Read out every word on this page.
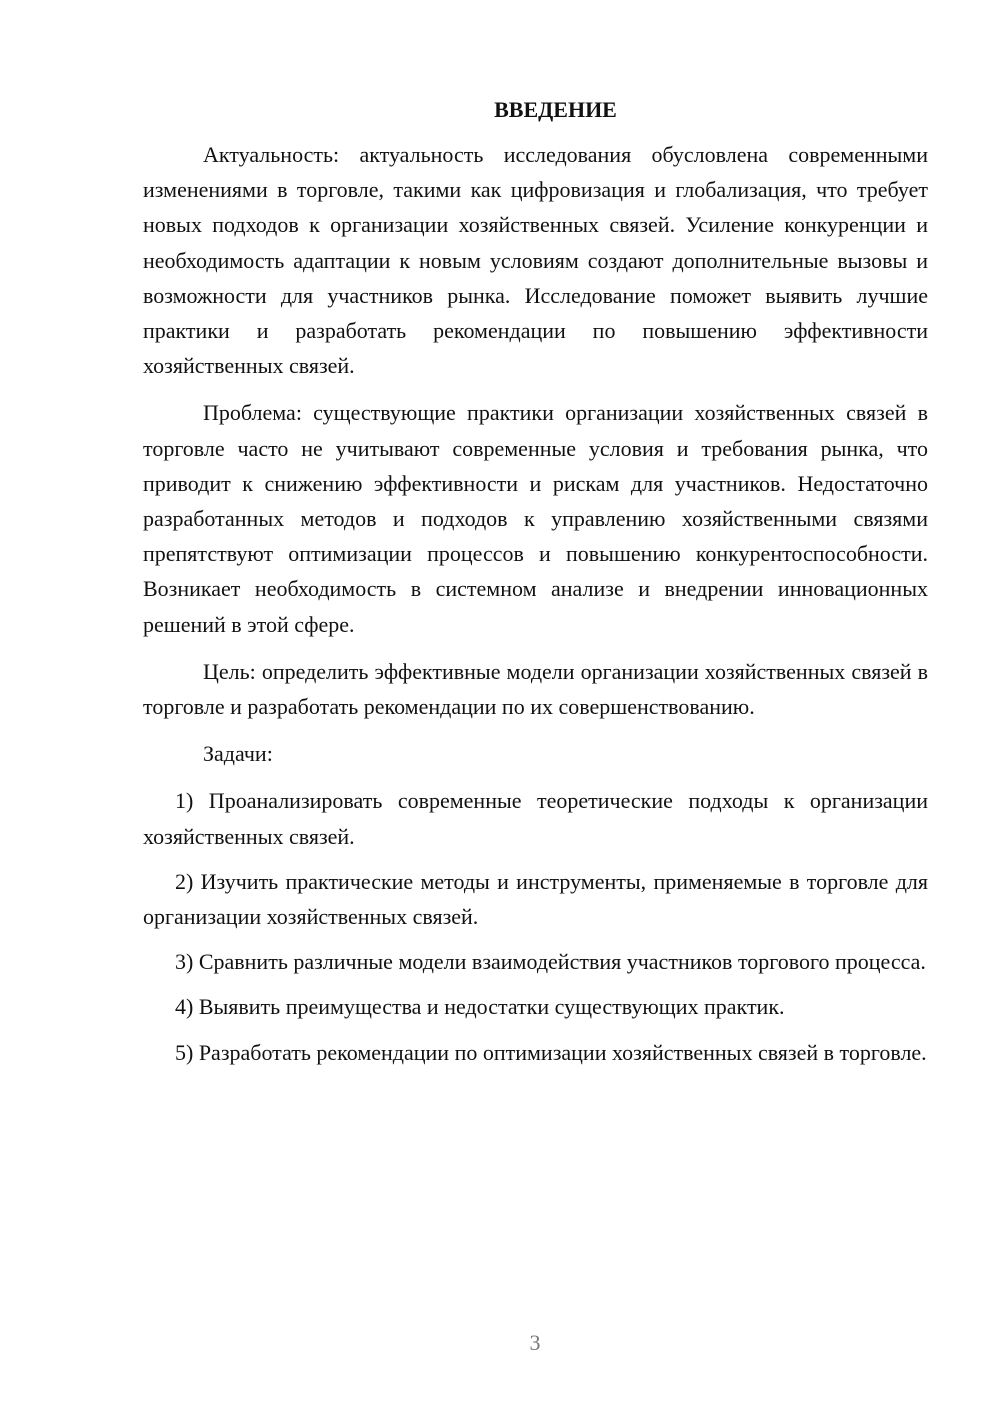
ВВЕДЕНИЕ

Актуальность: актуальность исследования обусловлена современными изменениями в торговле, такими как цифровизация и глобализация, что требует новых подходов к организации хозяйственных связей. Усиление конкуренции и необходимость адаптации к новым условиям создают дополнительные вызовы и возможности для участников рынка. Исследование поможет выявить лучшие практики и разработать рекомендации по повышению эффективности хозяйственных связей.

Проблема: существующие практики организации хозяйственных связей в торговле часто не учитывают современные условия и требования рынка, что приводит к снижению эффективности и рискам для участников. Недостаточно разработанных методов и подходов к управлению хозяйственными связями препятствуют оптимизации процессов и повышению конкурентоспособности. Возникает необходимость в системном анализе и внедрении инновационных решений в этой сфере.

Цель: определить эффективные модели организации хозяйственных связей в торговле и разработать рекомендации по их совершенствованию.

Задачи:

1) Проанализировать современные теоретические подходы к организации хозяйственных связей.

2) Изучить практические методы и инструменты, применяемые в торговле для организации хозяйственных связей.

3) Сравнить различные модели взаимодействия участников торгового процесса.

4) Выявить преимущества и недостатки существующих практик.

5) Разработать рекомендации по оптимизации хозяйственных связей в торговле.

3
